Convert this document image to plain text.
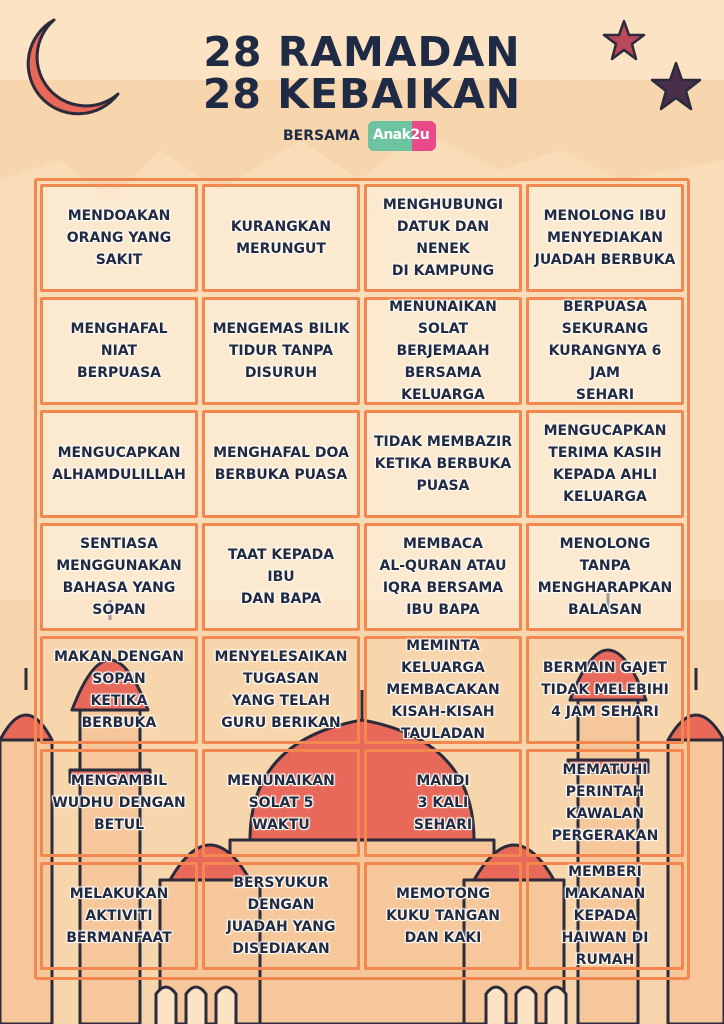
28 RAMADAN
28 KEBAIKAN
BERSAMA Anak2u
MENDOAKAN
ORANG YANG
SAKIT
KURANGKAN
MERUNGUT
MENGHUBUNGI
DATUK DAN NENEK
DI KAMPUNG
MENOLONG IBU
MENYEDIAKAN
JUADAH BERBUKA
MENGHAFAL
NIAT
BERPUASA
MENGEMAS BILIK
TIDUR TANPA
DISURUH
MENUNAIKAN
SOLAT
BERJEMAAH
BERSAMA
KELUARGA
BERPUASA
SEKURANG
KURANGNYA 6 JAM
SEHARI
MENGUCAPKAN
ALHAMDULILLAH
MENGHAFAL DOA
BERBUKA PUASA
TIDAK MEMBAZIR
KETIKA BERBUKA
PUASA
MENGUCAPKAN
TERIMA KASIH
KEPADA AHLI
KELUARGA
SENTIASA
MENGGUNAKAN
BAHASA YANG
SOPAN
TAAT KEPADA
IBU
DAN BAPA
MEMBACA
AL-QURAN ATAU
IQRA BERSAMA
IBU BAPA
MENOLONG TANPA
MENGHARAPKAN
BALASAN
MAKAN DENGAN
SOPAN
KETIKA
BERBUKA
MENYELESAIKAN
TUGASAN
YANG TELAH
GURU BERIKAN
MEMINTA
KELUARGA
MEMBACAKAN
KISAH-KISAH
TAULADAN
BERMAIN GAJET
TIDAK MELEBIHI
4 JAM SEHARI
MENGAMBIL
WUDHU DENGAN
BETUL
MENUNAIKAN
SOLAT 5
WAKTU
MANDI
3 KALI
SEHARI
MEMATUHI
PERINTAH
KAWALAN
PERGERAKAN
MELAKUKAN
AKTIVITI
BERMANFAAT
BERSYUKUR
DENGAN
JUADAH YANG
DISEDIAKAN
MEMOTONG
KUKU TANGAN
DAN KAKI
MEMBERI
MAKANAN KEPADA
HAIWAN DI
RUMAH
